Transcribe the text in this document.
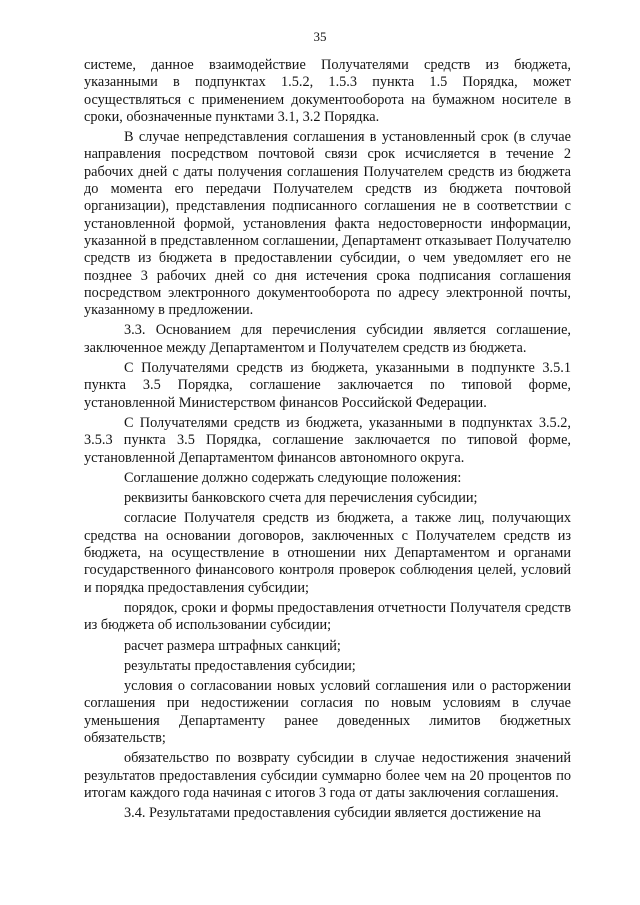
35

системе, данное взаимодействие Получателями средств из бюджета, указанными в подпунктах 1.5.2, 1.5.3 пункта 1.5 Порядка, может осуществляться с применением документооборота на бумажном носителе в сроки, обозначенные пунктами 3.1, 3.2 Порядка.

В случае непредставления соглашения в установленный срок (в случае направления посредством почтовой связи срок исчисляется в течение 2 рабочих дней с даты получения соглашения Получателем средств из бюджета до момента его передачи Получателем средств из бюджета почтовой организации), представления подписанного соглашения не в соответствии с установленной формой, установления факта недостоверности информации, указанной в представленном соглашении, Департамент отказывает Получателю средств из бюджета в предоставлении субсидии, о чем уведомляет его не позднее 3 рабочих дней со дня истечения срока подписания соглашения посредством электронного документооборота по адресу электронной почты, указанному в предложении.

3.3. Основанием для перечисления субсидии является соглашение, заключенное между Департаментом и Получателем средств из бюджета.

С Получателями средств из бюджета, указанными в подпункте 3.5.1 пункта 3.5 Порядка, соглашение заключается по типовой форме, установленной Министерством финансов Российской Федерации.

С Получателями средств из бюджета, указанными в подпунктах 3.5.2, 3.5.3 пункта 3.5 Порядка, соглашение заключается по типовой форме, установленной Департаментом финансов автономного округа.

Соглашение должно содержать следующие положения:

реквизиты банковского счета для перечисления субсидии;

согласие Получателя средств из бюджета, а также лиц, получающих средства на основании договоров, заключенных с Получателем средств из бюджета, на осуществление в отношении них Департаментом и органами государственного финансового контроля проверок соблюдения целей, условий и порядка предоставления субсидии;

порядок, сроки и формы предоставления отчетности Получателя средств из бюджета об использовании субсидии;

расчет размера штрафных санкций;

результаты предоставления субсидии;

условия о согласовании новых условий соглашения или о расторжении соглашения при недостижении согласия по новым условиям в случае уменьшения Департаменту ранее доведенных лимитов бюджетных обязательств;

обязательство по возврату субсидии в случае недостижения значений результатов предоставления субсидии суммарно более чем на 20 процентов по итогам каждого года начиная с итогов 3 года от даты заключения соглашения.

3.4. Результатами предоставления субсидии является достижение на
